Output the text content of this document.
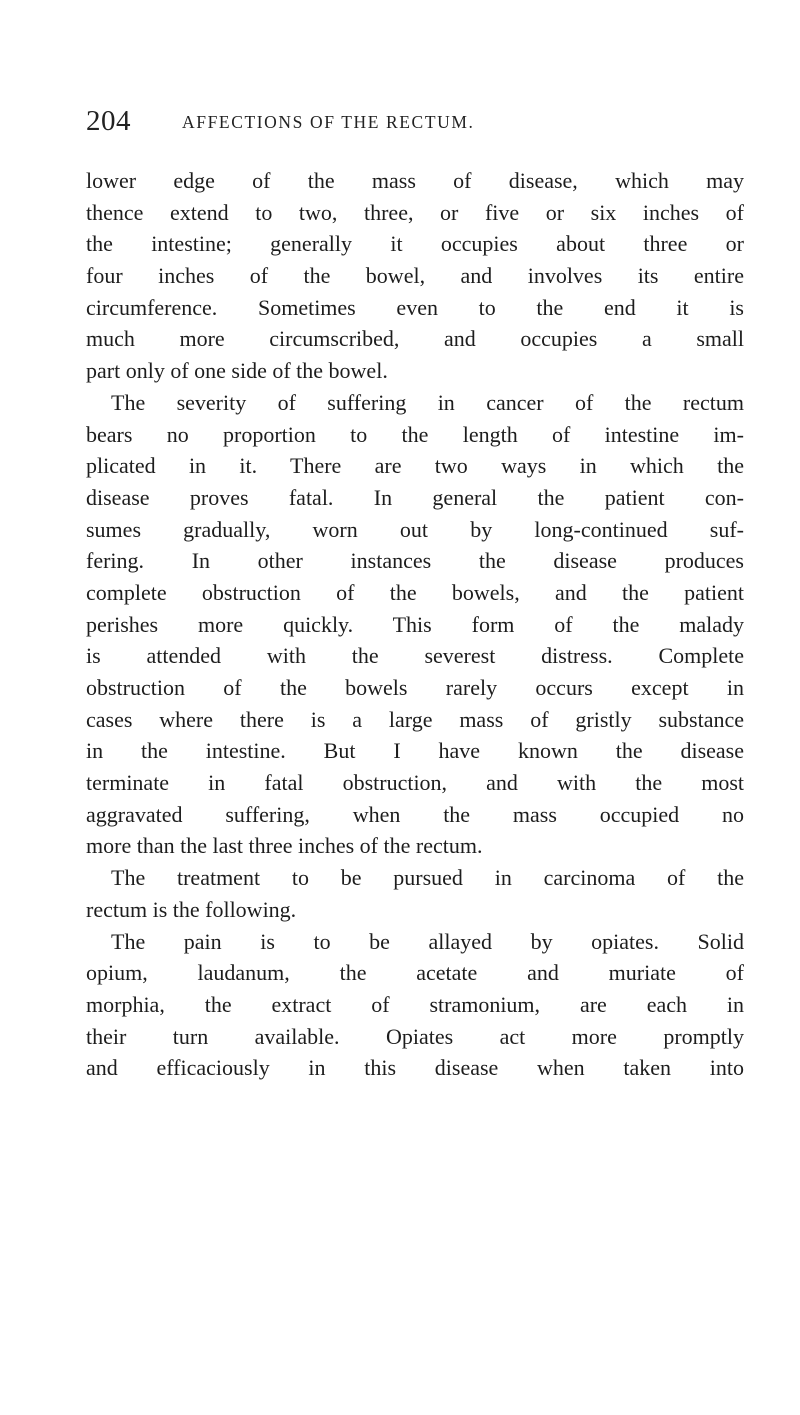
204	AFFECTIONS OF THE RECTUM.
lower edge of the mass of disease, which may
thence extend to two, three, or five or six inches of
the intestine; generally it occupies about three or
four inches of the bowel, and involves its entire
circumference. Sometimes even to the end it is
much more circumscribed, and occupies a small
part only of one side of the bowel.
The severity of suffering in cancer of the rectum
bears no proportion to the length of intestine im-
plicated in it. There are two ways in which the
disease proves fatal. In general the patient con-
sumes gradually, worn out by long-continued suf-
fering. In other instances the disease produces
complete obstruction of the bowels, and the patient
perishes more quickly. This form of the malady
is attended with the severest distress. Complete
obstruction of the bowels rarely occurs except in
cases where there is a large mass of gristly substance
in the intestine. But I have known the disease
terminate in fatal obstruction, and with the most
aggravated suffering, when the mass occupied no
more than the last three inches of the rectum.
The treatment to be pursued in carcinoma of the
rectum is the following.
The pain is to be allayed by opiates. Solid
opium, laudanum, the acetate and muriate of
morphia, the extract of stramonium, are each in
their turn available. Opiates act more promptly
and efficaciously in this disease when taken into
